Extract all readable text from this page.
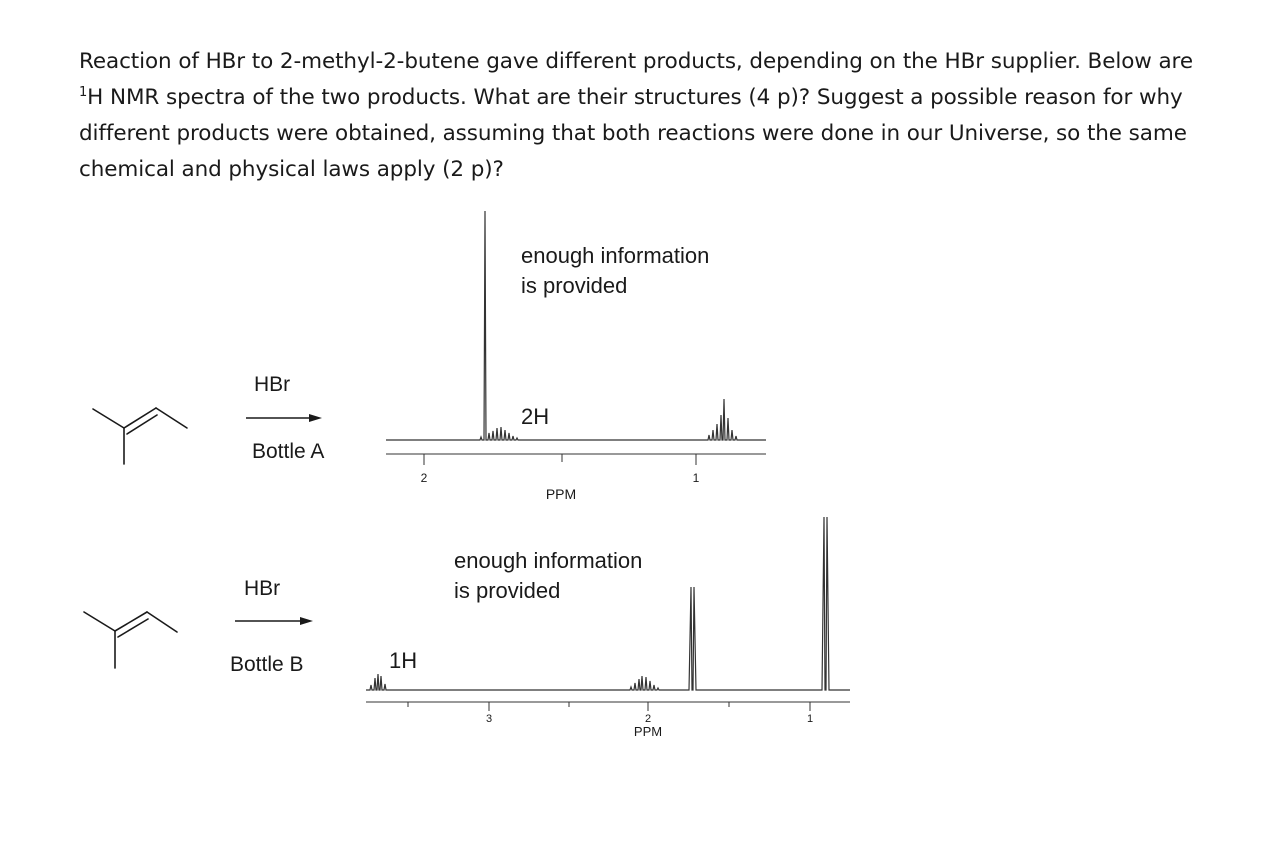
Reaction of HBr to 2-methyl-2-butene gave different products, depending on the HBr supplier. Below are

$^1$H NMR spectra of the two products. What are their structures (4 p)? Suggest a possible reason for why

different products were obtained, assuming that both reactions were done in our Universe, so the same

chemical and physical laws apply (2 p)?

HBr
Bottle A
2	1
PPM
enough information
is provided
2H
HBr
Bottle B
3	2	1
PPM
enough information
is provided
1H
